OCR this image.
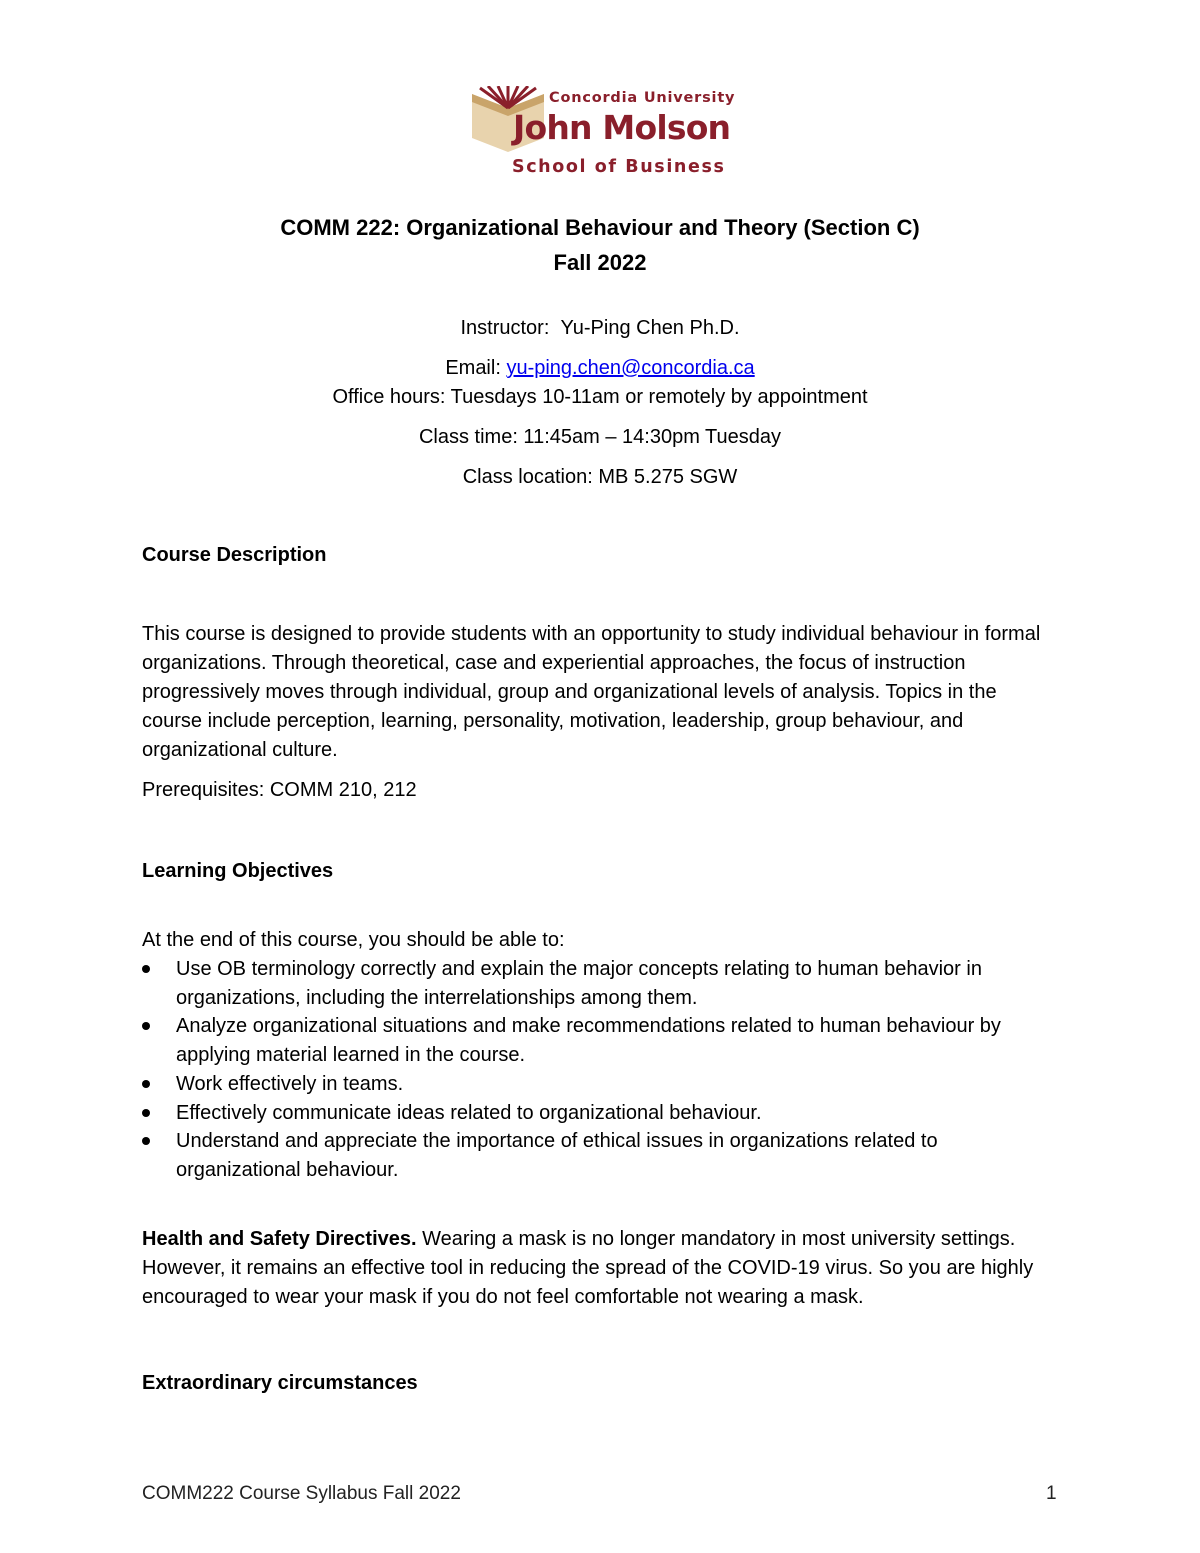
Concordia University
John Molson
School of Business
COMM 222: Organizational Behaviour and Theory (Section C)
Fall 2022
Instructor: Yu-Ping Chen Ph.D.
Email: yu-ping.chen@concordia.ca
Office hours: Tuesdays 10-11am or remotely by appointment
Class time: 11:45am – 14:30pm Tuesday
Class location: MB 5.275 SGW
Course Description
This course is designed to provide students with an opportunity to study individual behaviour in formal organizations. Through theoretical, case and experiential approaches, the focus of instruction progressively moves through individual, group and organizational levels of analysis. Topics in the course include perception, learning, personality, motivation, leadership, group behaviour, and organizational culture.
Prerequisites: COMM 210, 212
Learning Objectives
At the end of this course, you should be able to:
Use OB terminology correctly and explain the major concepts relating to human behavior in organizations, including the interrelationships among them.
Analyze organizational situations and make recommendations related to human behaviour by applying material learned in the course.
Work effectively in teams.
Effectively communicate ideas related to organizational behaviour.
Understand and appreciate the importance of ethical issues in organizations related to organizational behaviour.
Health and Safety Directives. Wearing a mask is no longer mandatory in most university settings. However, it remains an effective tool in reducing the spread of the COVID-19 virus. So you are highly encouraged to wear your mask if you do not feel comfortable not wearing a mask.
Extraordinary circumstances
COMM222 Course Syllabus Fall 2022	1
